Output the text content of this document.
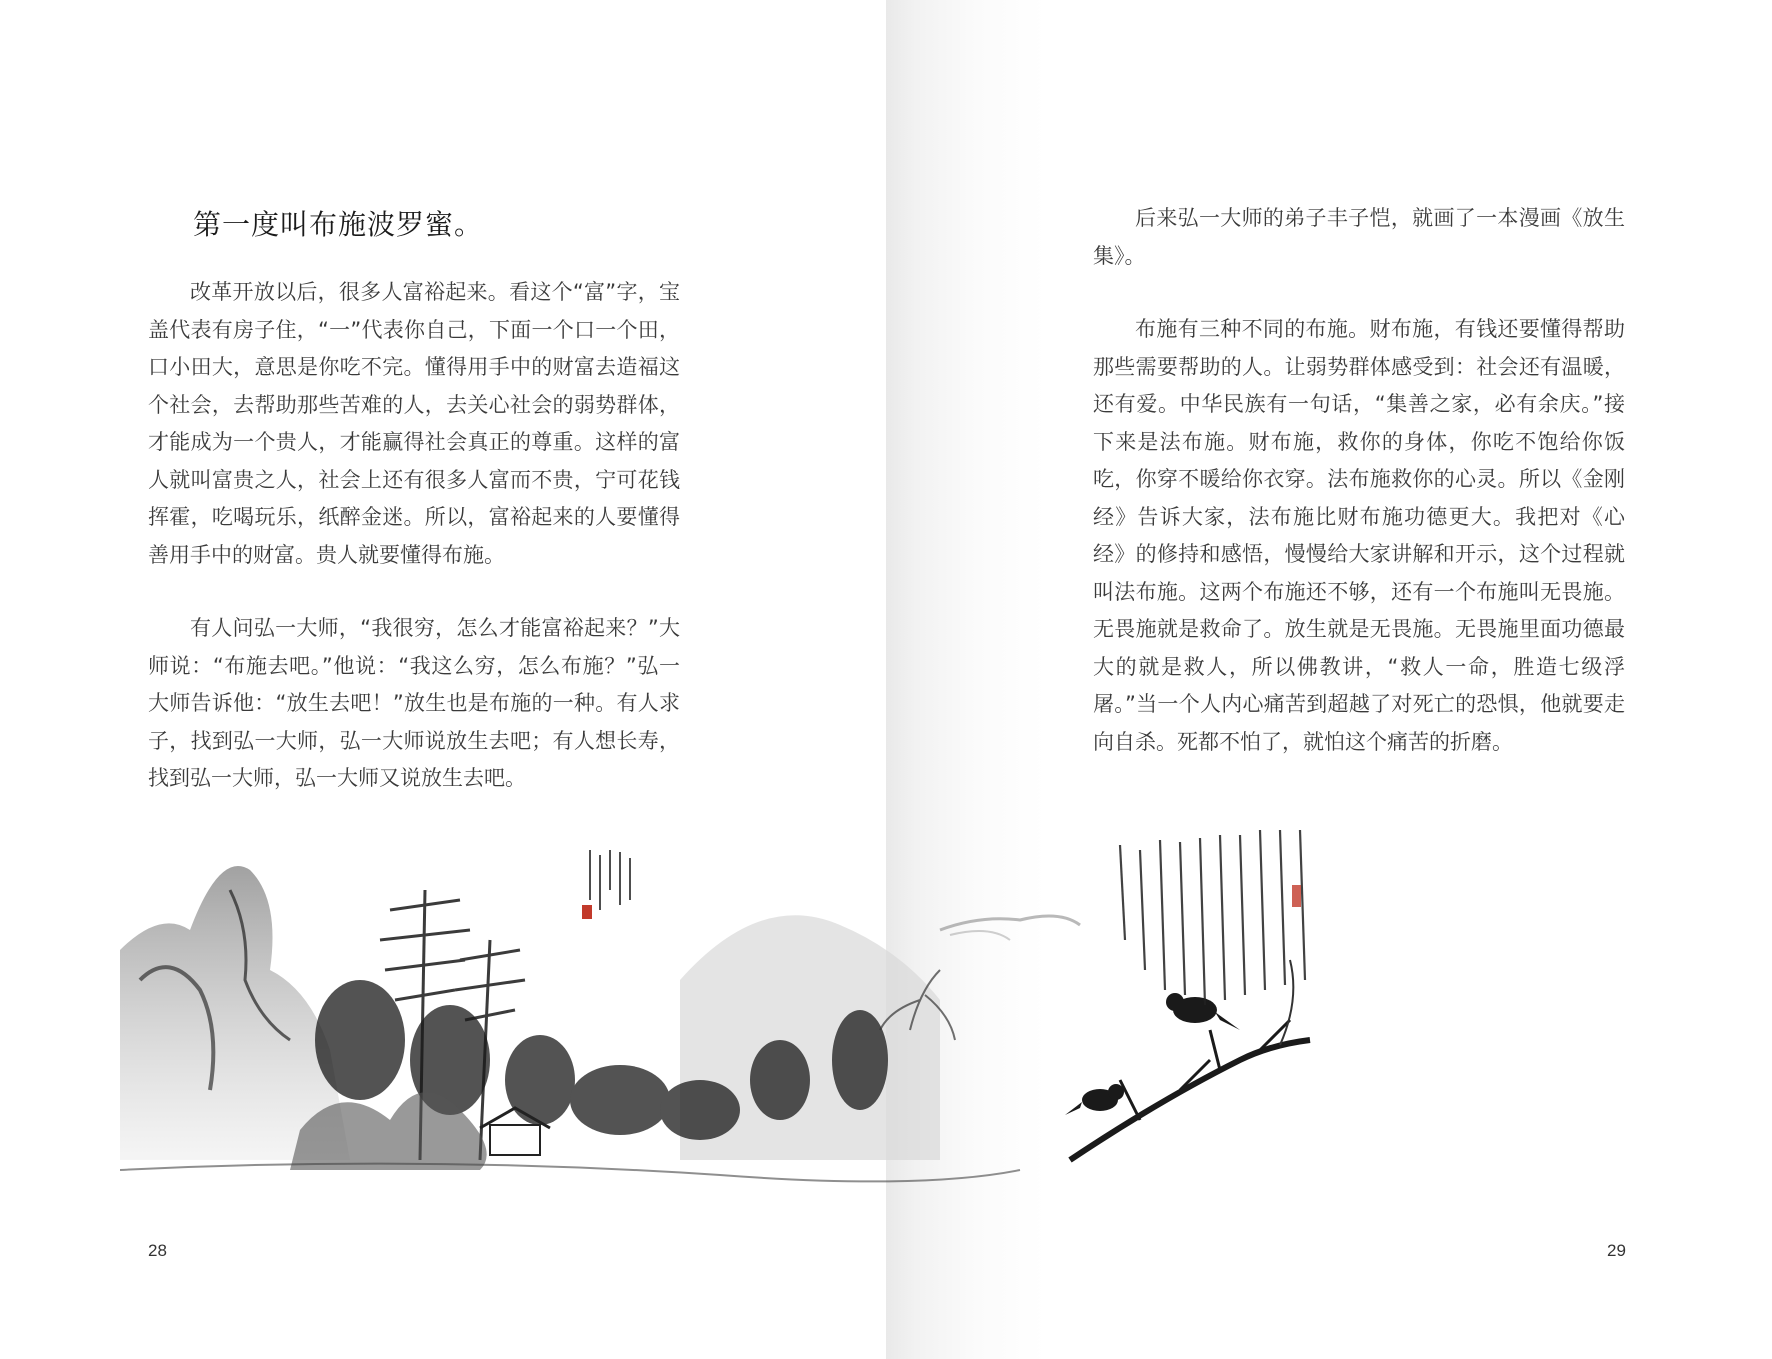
第一度叫布施波罗蜜。

改革开放以后，很多人富裕起来。看这个“富”字，宝盖代表有房子住，“一”代表你自己，下面一个口一个田，口小田大，意思是你吃不完。懂得用手中的财富去造福这个社会，去帮助那些苦难的人，去关心社会的弱势群体，才能成为一个贵人，才能赢得社会真正的尊重。这样的富人就叫富贵之人，社会上还有很多人富而不贵，宁可花钱挥霍，吃喝玩乐，纸醉金迷。所以，富裕起来的人要懂得善用手中的财富。贵人就要懂得布施。

有人问弘一大师，“我很穷，怎么才能富裕起来？”大师说：“布施去吧。”他说：“我这么穷，怎么布施？”弘一大师告诉他：“放生去吧！”放生也是布施的一种。有人求子，找到弘一大师，弘一大师说放生去吧；有人想长寿，找到弘一大师，弘一大师又说放生去吧。

28

后来弘一大师的弟子丰子恺，就画了一本漫画《放生集》。

布施有三种不同的布施。财布施，有钱还要懂得帮助那些需要帮助的人。让弱势群体感受到：社会还有温暖，还有爱。中华民族有一句话，“集善之家，必有余庆。”接下来是法布施。财布施，救你的身体，你吃不饱给你饭吃，你穿不暖给你衣穿。法布施救你的心灵。所以《金刚经》告诉大家，法布施比财布施功德更大。我把对《心经》的修持和感悟，慢慢给大家讲解和开示，这个过程就叫法布施。这两个布施还不够，还有一个布施叫无畏施。无畏施就是救命了。放生就是无畏施。无畏施里面功德最大的就是救人，所以佛教讲，“救人一命，胜造七级浮屠。”当一个人内心痛苦到超越了对死亡的恐惧，他就要走向自杀。死都不怕了，就怕这个痛苦的折磨。

29
